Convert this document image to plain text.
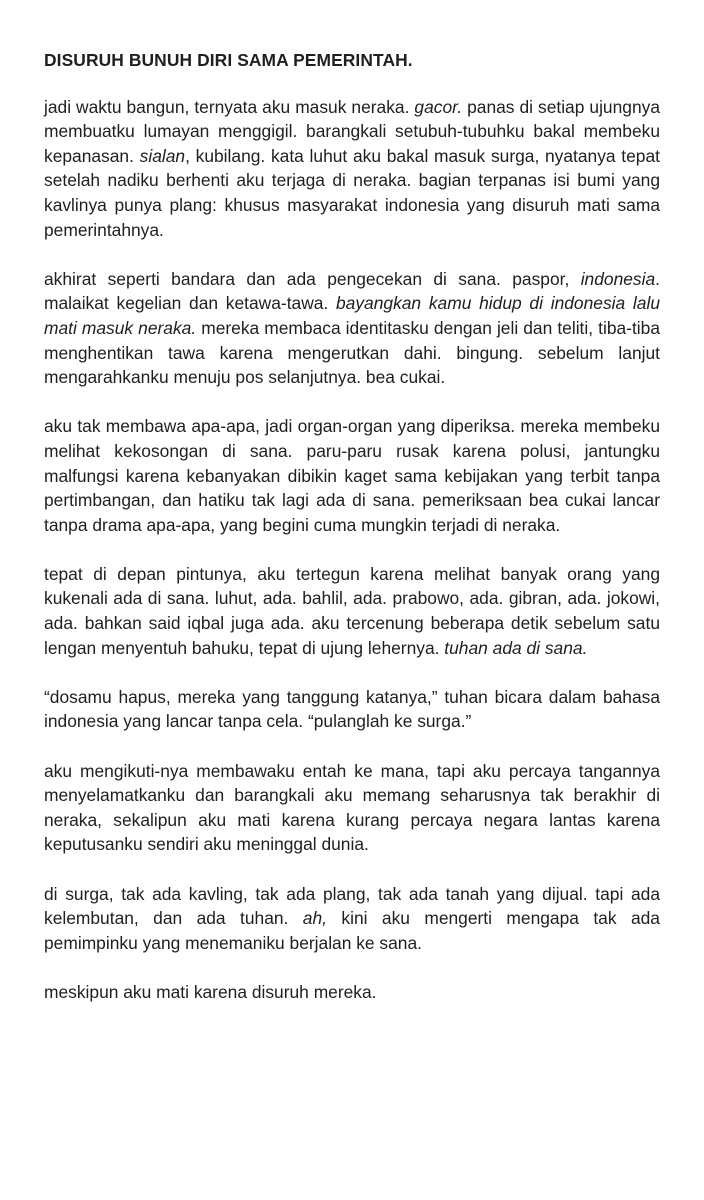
DISURUH BUNUH DIRI SAMA PEMERINTAH.

jadi waktu bangun, ternyata aku masuk neraka. gacor. panas di setiap ujungnya membuatku lumayan menggigil. barangkali setubuh-tubuhku bakal membeku kepanasan. sialan, kubilang. kata luhut aku bakal masuk surga, nyatanya tepat setelah nadiku berhenti aku terjaga di neraka. bagian terpanas isi bumi yang kavlinya punya plang: khusus masyarakat indonesia yang disuruh mati sama pemerintahnya.

akhirat seperti bandara dan ada pengecekan di sana. paspor, indonesia. malaikat kegelian dan ketawa-tawa. bayangkan kamu hidup di indonesia lalu mati masuk neraka. mereka membaca identitasku dengan jeli dan teliti, tiba-tiba menghentikan tawa karena mengerutkan dahi. bingung. sebelum lanjut mengarahkanku menuju pos selanjutnya. bea cukai.

aku tak membawa apa-apa, jadi organ-organ yang diperiksa. mereka membeku melihat kekosongan di sana. paru-paru rusak karena polusi, jantungku malfungsi karena kebanyakan dibikin kaget sama kebijakan yang terbit tanpa pertimbangan, dan hatiku tak lagi ada di sana. pemeriksaan bea cukai lancar tanpa drama apa-apa, yang begini cuma mungkin terjadi di neraka.

tepat di depan pintunya, aku tertegun karena melihat banyak orang yang kukenali ada di sana. luhut, ada. bahlil, ada. prabowo, ada. gibran, ada. jokowi, ada. bahkan said iqbal juga ada. aku tercenung beberapa detik sebelum satu lengan menyentuh bahuku, tepat di ujung lehernya. tuhan ada di sana.

“dosamu hapus, mereka yang tanggung katanya,” tuhan bicara dalam bahasa indonesia yang lancar tanpa cela. “pulanglah ke surga.”

aku mengikuti-nya membawaku entah ke mana, tapi aku percaya tangannya menyelamatkanku dan barangkali aku memang seharusnya tak berakhir di neraka, sekalipun aku mati karena kurang percaya negara lantas karena keputusanku sendiri aku meninggal dunia.

di surga, tak ada kavling, tak ada plang, tak ada tanah yang dijual. tapi ada kelembutan, dan ada tuhan. ah, kini aku mengerti mengapa tak ada pemimpinku yang menemaniku berjalan ke sana.

meskipun aku mati karena disuruh mereka.
